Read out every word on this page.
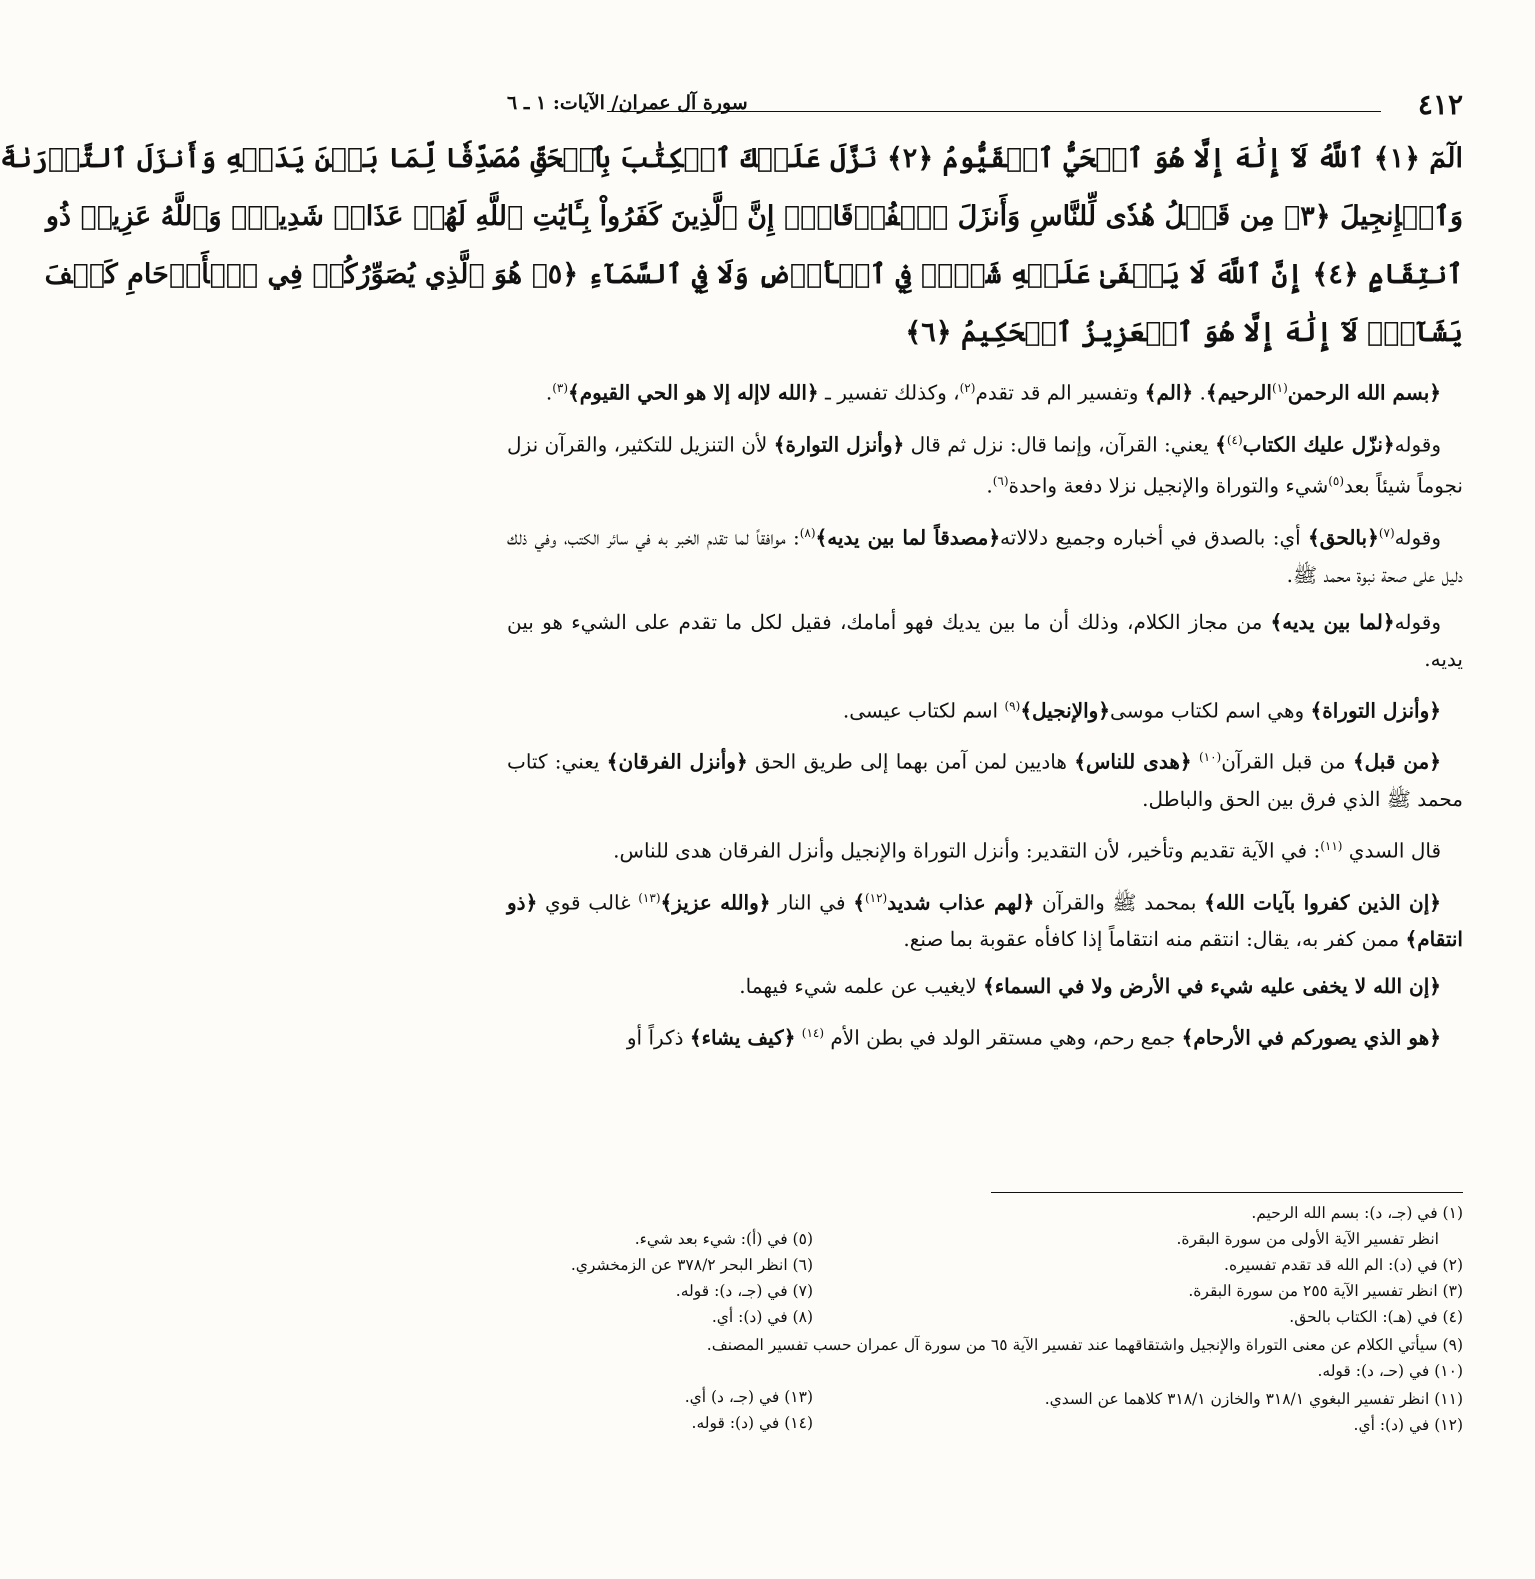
٤١٢
سورة آل عمران/ الآيات: ١ ـ ٦
الٓمٓ ﴿١﴾ ٱللَّهُ لَآ إِلَٰهَ إِلَّا هُوَ ٱلۡحَيُّ ٱلۡقَيُّومُ ﴿٢﴾ نَزَّلَ عَلَيۡكَ ٱلۡكِتَٰبَ بِٱلۡحَقِّ مُصَدِّقٗا لِّمَا بَيۡنَ يَدَيۡهِ وَأَنزَلَ ٱلتَّوۡرَىٰةَ
وَٱلۡإِنجِيلَ ﴿٣﴾ مِن قَبۡلُ هُدٗى لِّلنَّاسِ وَأَنزَلَ ٱلۡفُرۡقَانَۗ إِنَّ ٱلَّذِينَ كَفَرُواْ بِـَٔايَٰتِ ٱللَّهِ لَهُمۡ عَذَابٞ شَدِيدٞۗ وَٱللَّهُ عَزِيزٞ ذُو
ٱنتِقَامٍ ﴿٤﴾ إِنَّ ٱللَّهَ لَا يَخۡفَىٰ عَلَيۡهِ شَيۡءٞ فِي ٱلۡأَرۡضِ وَلَا فِي ٱلسَّمَآءِ ﴿٥﴾ هُوَ ٱلَّذِي يُصَوِّرُكُمۡ فِي ٱلۡأَرۡحَامِ كَيۡفَ
يَشَآءُۚ لَآ إِلَٰهَ إِلَّا هُوَ ٱلۡعَزِيزُ ٱلۡحَكِيمُ ﴿٦﴾

﴿بسم الله الرحمن$^{(١)}$الرحيم﴾. ﴿الم﴾ وتفسير الم قد تقدم$^{(٢)}$، وكذلك تفسير ـ ﴿الله لاإله إلا هو الحي القيوم﴾$^{(٣)}$.

وقوله﴿نزّل عليك الكتاب$^{(٤)}$﴾ يعني: القرآن، وإنما قال: نزل ثم قال ﴿وأنزل التوارة﴾ لأن التنزيل للتكثير، والقرآن نزل نجوماً شيئاً بعد$^{(٥)}$شيء والتوراة والإنجيل نزلا دفعة واحدة$^{(٦)}$.

وقوله$^{(٧)}$﴿بالحق﴾ أي: بالصدق في أخباره وجميع دلالاته﴿مصدقاً لما بين يديه﴾$^{(٨)}$: موافقاً لما تقدم الخبر به في سائر الكتب، وفي ذلك دليل على صحة نبوة محمد ﷺ.

وقوله﴿لما بين يديه﴾ من مجاز الكلام، وذلك أن ما بين يديك فهو أمامك، فقيل لكل ما تقدم على الشيء هو بين يديه.

﴿وأنزل التوراة﴾ وهي اسم لكتاب موسى﴿والإنجيل﴾$^{(٩)}$ اسم لكتاب عيسى.

﴿من قبل﴾ من قبل القرآن$^{(١٠)}$ ﴿هدى للناس﴾ هاديين لمن آمن بهما إلى طريق الحق ﴿وأنزل الفرقان﴾ يعني: كتاب محمد ﷺ الذي فرق بين الحق والباطل.

قال السدي $^{(١١)}$: في الآية تقديم وتأخير، لأن التقدير: وأنزل التوراة والإنجيل وأنزل الفرقان هدى للناس.

﴿إن الذين كفروا بآيات الله﴾ بمحمد ﷺ والقرآن ﴿لهم عذاب شديد$^{(١٢)}$﴾ في النار ﴿والله عزيز﴾$^{(١٣)}$ غالب قوي ﴿ذو انتقام﴾ ممن كفر به، يقال: انتقم منه انتقاماً إذا كافأه عقوبة بما صنع.

﴿إن الله لا يخفى عليه شيء في الأرض ولا في السماء﴾ لايغيب عن علمه شيء فيهما.

﴿هو الذي يصوركم في الأرحام﴾ جمع رحم، وهي مستقر الولد في بطن الأم $^{(١٤)}$ ﴿كيف يشاء﴾ ذكراً أو

(١) في (جـ، د): بسم الله الرحيم.
انظر تفسير الآية الأولى من سورة البقرة.
(٢) في (د): الم الله قد تقدم تفسيره.
(٣) انظر تفسير الآية ٢٥٥ من سورة البقرة.
(٤) في (هـ): الكتاب بالحق.
(٥) في (أ): شيء بعد شيء.
(٦) انظر البحر ٣٧٨/٢ عن الزمخشري.
(٧) في (جـ، د): قوله.
(٨) في (د): أي.
(٩) سيأتي الكلام عن معنى التوراة والإنجيل واشتقاقهما عند تفسير الآية ٦٥ من سورة آل عمران حسب تفسير المصنف.
(١٠) في (حـ، د): قوله.
(١١) انظر تفسير البغوي ٣١٨/١ والخازن ٣١٨/١ كلاهما عن السدي.
(١٢) في (د): أي.
(١٣) في (جـ، د) أي.
(١٤) في (د): قوله.
